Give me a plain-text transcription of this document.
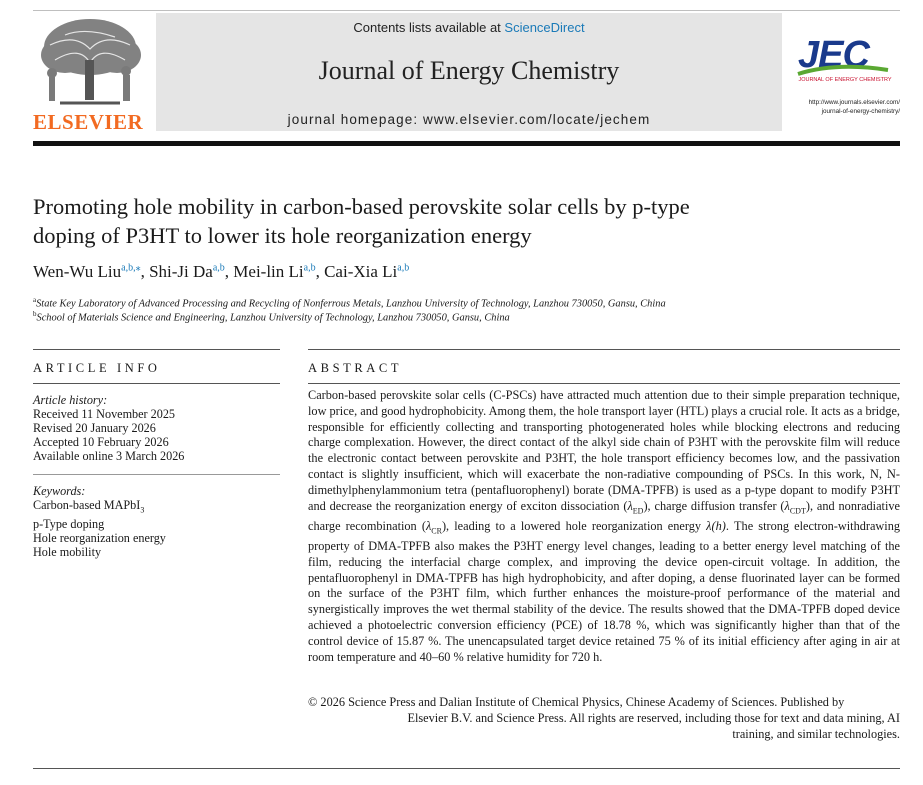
ELSEVIER
Contents lists available at ScienceDirect
Journal of Energy Chemistry
journal homepage: www.elsevier.com/locate/jechem
JEC
JOURNAL OF ENERGY CHEMISTRY
http://www.journals.elsevier.com/
journal-of-energy-chemistry/
Promoting hole mobility in carbon-based perovskite solar cells by p-type
doping of P3HT to lower its hole reorganization energy
Wen-Wu Liu$^{a,b,⁎}$, Shi-Ji Da$^{a,b}$, Mei-lin Li$^{a,b}$, Cai-Xia Li$^{a,b}$
$^a$State Key Laboratory of Advanced Processing and Recycling of Nonferrous Metals, Lanzhou University of Technology, Lanzhou 730050, Gansu, China
$^b$School of Materials Science and Engineering, Lanzhou University of Technology, Lanzhou 730050, Gansu, China
ARTICLE INFO
Article history:
Received 11 November 2025
Revised 20 January 2026
Accepted 10 February 2026
Available online 3 March 2026
Keywords:
Carbon-based MAPbI$_3$
p-Type doping
Hole reorganization energy
Hole mobility
ABSTRACT
Carbon-based perovskite solar cells (C-PSCs) have attracted much attention due to their simple preparation technique, low price, and good hydrophobicity. Among them, the hole transport layer (HTL) plays a crucial role. It acts as a bridge, responsible for efficiently collecting and transporting photogenerated holes while blocking electrons and reducing charge complexation. However, the direct contact of the alkyl side chain of P3HT with the perovskite film will reduce the electronic contact between perovskite and P3HT, the hole transport efficiency becomes low, and the passivation contact is slightly insufficient, which will exacerbate the non-radiative compounding of PSCs. In this work, N, N-dimethylphenylammonium tetra (pentafluorophenyl) borate (DMA-TPFB) is used as a p-type dopant to modify P3HT and decrease the reorganization energy of exciton dissociation $(\lambda_{ED})$, charge diffusion transfer $(\lambda_{CDT})$, and nonradiative charge recombination $(\lambda_{CR})$, leading to a lowered hole reorganization energy λ(h). The strong electron-withdrawing property of DMA-TPFB also makes the P3HT energy level changes, leading to a better energy level matching of the film, reducing the interfacial charge complex, and improving the device open-circuit voltage. In addition, the pentafluorophenyl in DMA-TPFB has high hydrophobicity, and after doping, a dense fluorinated layer can be formed on the surface of the P3HT film, which further enhances the moisture-proof performance of the material and synergistically improves the wet thermal stability of the device. The results showed that the DMA-TPFB doped device achieved a photoelectric conversion efficiency (PCE) of 18.78 %, which was significantly higher than that of the control device of 15.87 %. The unencapsulated target device retained 75 % of its initial efficiency after aging in air at room temperature and 40–60 % relative humidity for 720 h.
© 2026 Science Press and Dalian Institute of Chemical Physics, Chinese Academy of Sciences. Published by
Elsevier B.V. and Science Press. All rights are reserved, including those for text and data mining, AI
training, and similar technologies.
